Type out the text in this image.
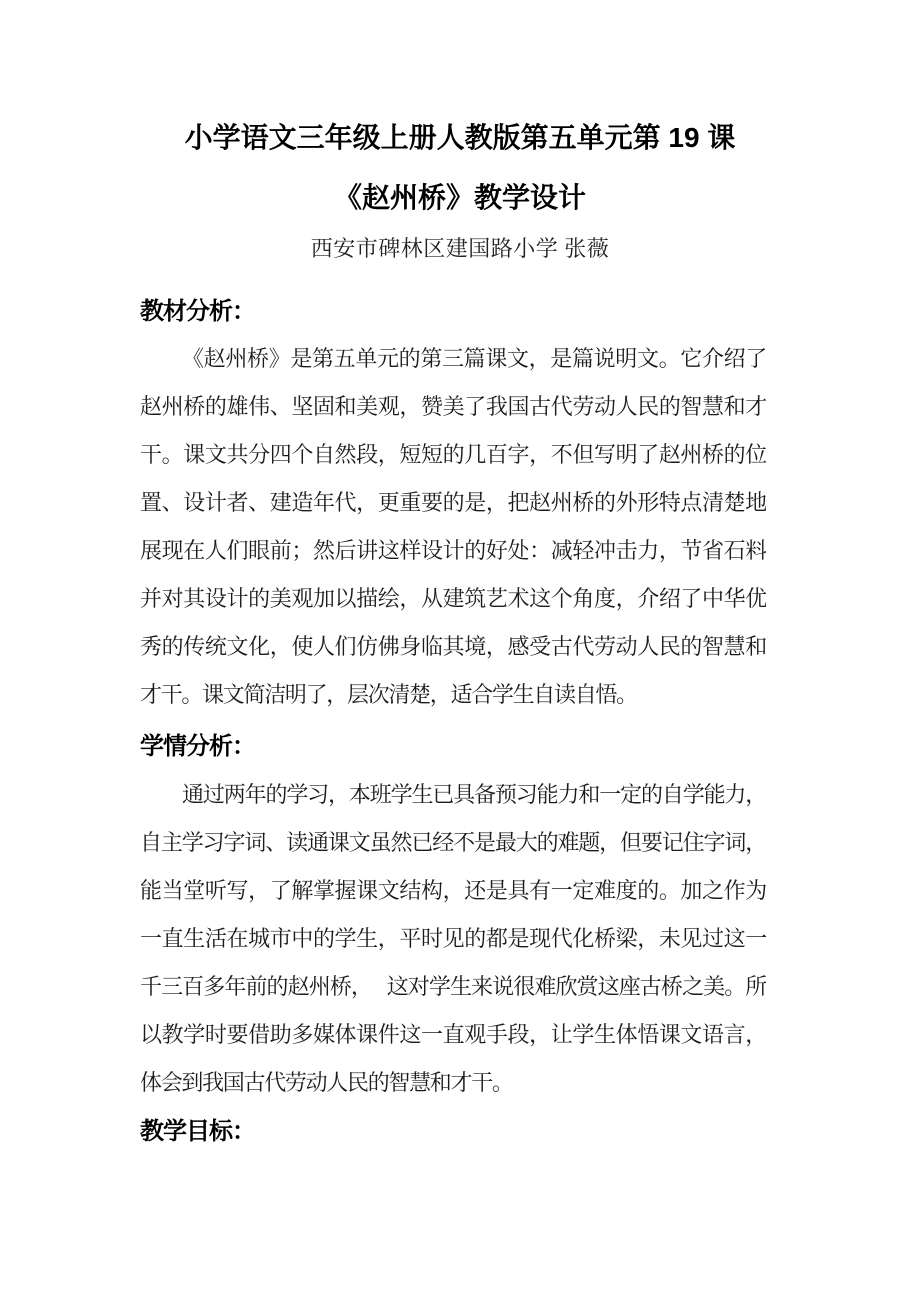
小学语文三年级上册人教版第五单元第 19 课
《赵州桥》教学设计
西安市碑林区建国路小学 张薇
教材分析：
《赵州桥》是第五单元的第三篇课文，是篇说明文。它介绍了
赵州桥的雄伟、坚固和美观，赞美了我国古代劳动人民的智慧和才
干。课文共分四个自然段，短短的几百字，不但写明了赵州桥的位
置、设计者、建造年代，更重要的是，把赵州桥的外形特点清楚地
展现在人们眼前；然后讲这样设计的好处：减轻冲击力，节省石料
并对其设计的美观加以描绘，从建筑艺术这个角度，介绍了中华优
秀的传统文化，使人们仿佛身临其境，感受古代劳动人民的智慧和
才干。课文简洁明了，层次清楚，适合学生自读自悟。
学情分析：
通过两年的学习，本班学生已具备预习能力和一定的自学能力，
自主学习字词、读通课文虽然已经不是最大的难题，但要记住字词，
能当堂听写，了解掌握课文结构，还是具有一定难度的。加之作为
一直生活在城市中的学生，平时见的都是现代化桥梁，未见过这一
千三百多年前的赵州桥，　 这对学生来说很难欣赏这座古桥之美。所
以教学时要借助多媒体课件这一直观手段，让学生体悟课文语言，
体会到我国古代劳动人民的智慧和才干。
教学目标：
